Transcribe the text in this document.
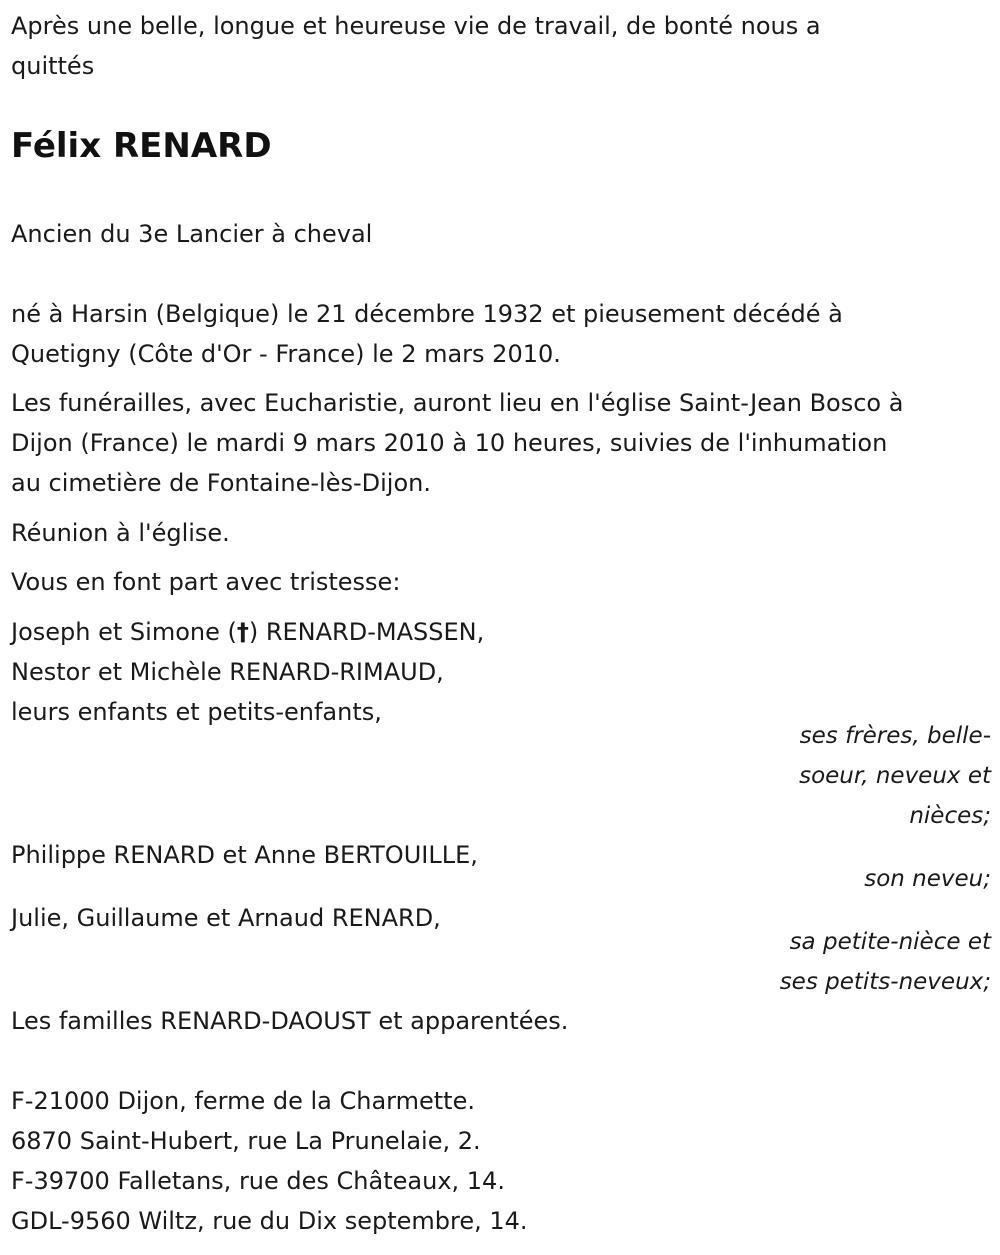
Après une belle, longue et heureuse vie de travail, de bonté nous a
quittés
Félix RENARD
Ancien du 3e Lancier à cheval
né à Harsin (Belgique) le 21 décembre 1932 et pieusement décédé à
Quetigny (Côte d'Or - France) le 2 mars 2010.
Les funérailles, avec Eucharistie, auront lieu en l'église Saint-Jean Bosco à
Dijon (France) le mardi 9 mars 2010 à 10 heures, suivies de l'inhumation
au cimetière de Fontaine-lès-Dijon.
Réunion à l'église.
Vous en font part avec tristesse:
Joseph et Simone (†) RENARD-MASSEN,
Nestor et Michèle RENARD-RIMAUD,
leurs enfants et petits-enfants,
ses frères, belle-
soeur, neveux et
nièces;
Philippe RENARD et Anne BERTOUILLE,
son neveu;
Julie, Guillaume et Arnaud RENARD,
sa petite-nièce et
ses petits-neveux;
Les familles RENARD-DAOUST et apparentées.
F-21000 Dijon, ferme de la Charmette.
6870 Saint-Hubert, rue La Prunelaie, 2.
F-39700 Falletans, rue des Châteaux, 14.
GDL-9560 Wiltz, rue du Dix septembre, 14.
